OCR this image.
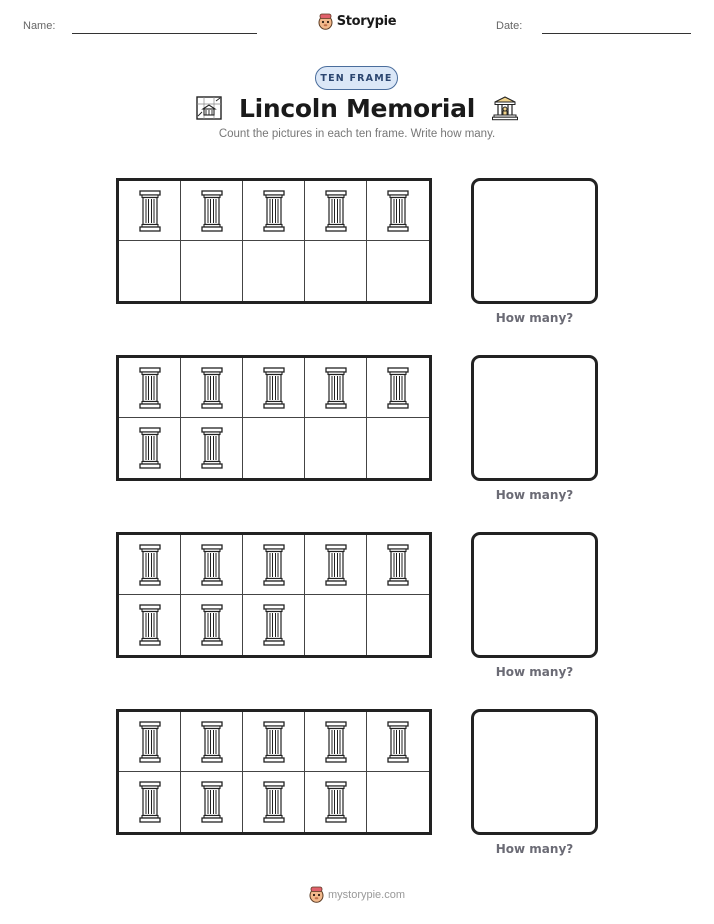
Name:	Storypie	Date:
TEN FRAME
Lincoln Memorial
Count the pictures in each ten frame. Write how many.
How many?
How many?
How many?
How many?
mystorypie.com
